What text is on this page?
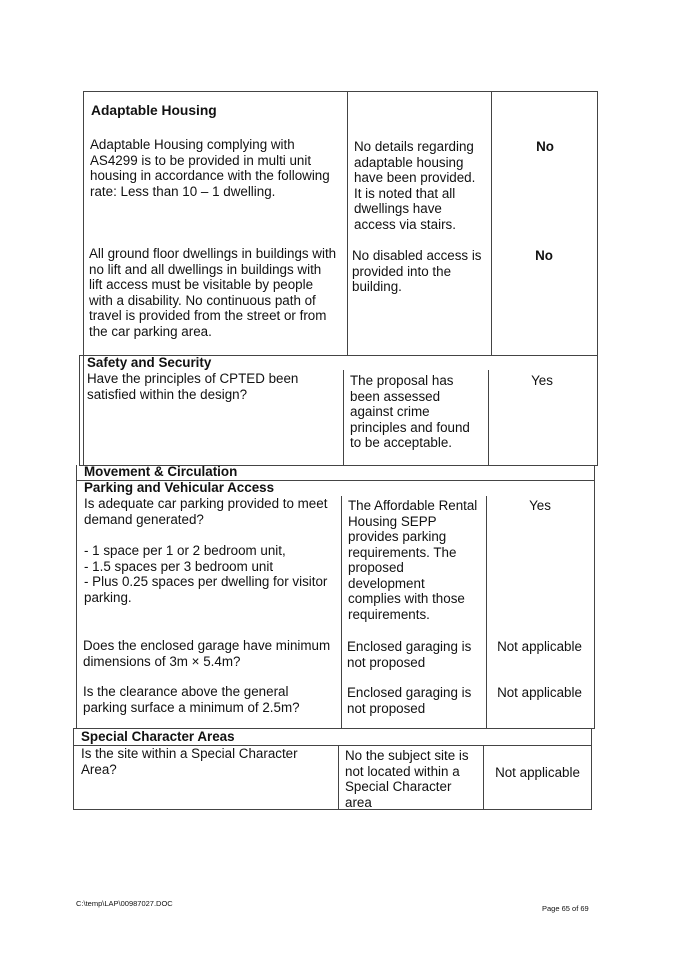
Adaptable Housing
Adaptable Housing complying with
AS4299 is to be provided in multi unit
housing in accordance with the following
rate: Less than 10 – 1 dwelling.
No details regarding
adaptable housing
have been provided.
It is noted that all
dwellings have
access via stairs.
No
All ground floor dwellings in buildings with
no lift and all dwellings in buildings with
lift access must be visitable by people
with a disability. No continuous path of
travel is provided from the street or from
the car parking area.
No disabled access is
provided into the
building.
No
Safety and Security
Have the principles of CPTED been
satisfied within the design?
The proposal has
been assessed
against crime
principles and found
to be acceptable.
Yes
Movement & Circulation
Parking and Vehicular Access
Is adequate car parking provided to meet
demand generated?
- 1 space per 1 or 2 bedroom unit,
- 1.5 spaces per 3 bedroom unit
- Plus 0.25 spaces per dwelling for visitor
parking.
The Affordable Rental
Housing SEPP
provides parking
requirements. The
proposed
development
complies with those
requirements.
Yes
Does the enclosed garage have minimum
dimensions of 3m × 5.4m?
Enclosed garaging is
not proposed
Not applicable
Is the clearance above the general
parking surface a minimum of 2.5m?
Enclosed garaging is
not proposed
Not applicable
Special Character Areas
Is the site within a Special Character
Area?
No the subject site is
not located within a
Special Character
area
Not applicable
C:\temp\LAP\00987027.DOC
Page 65 of 69
